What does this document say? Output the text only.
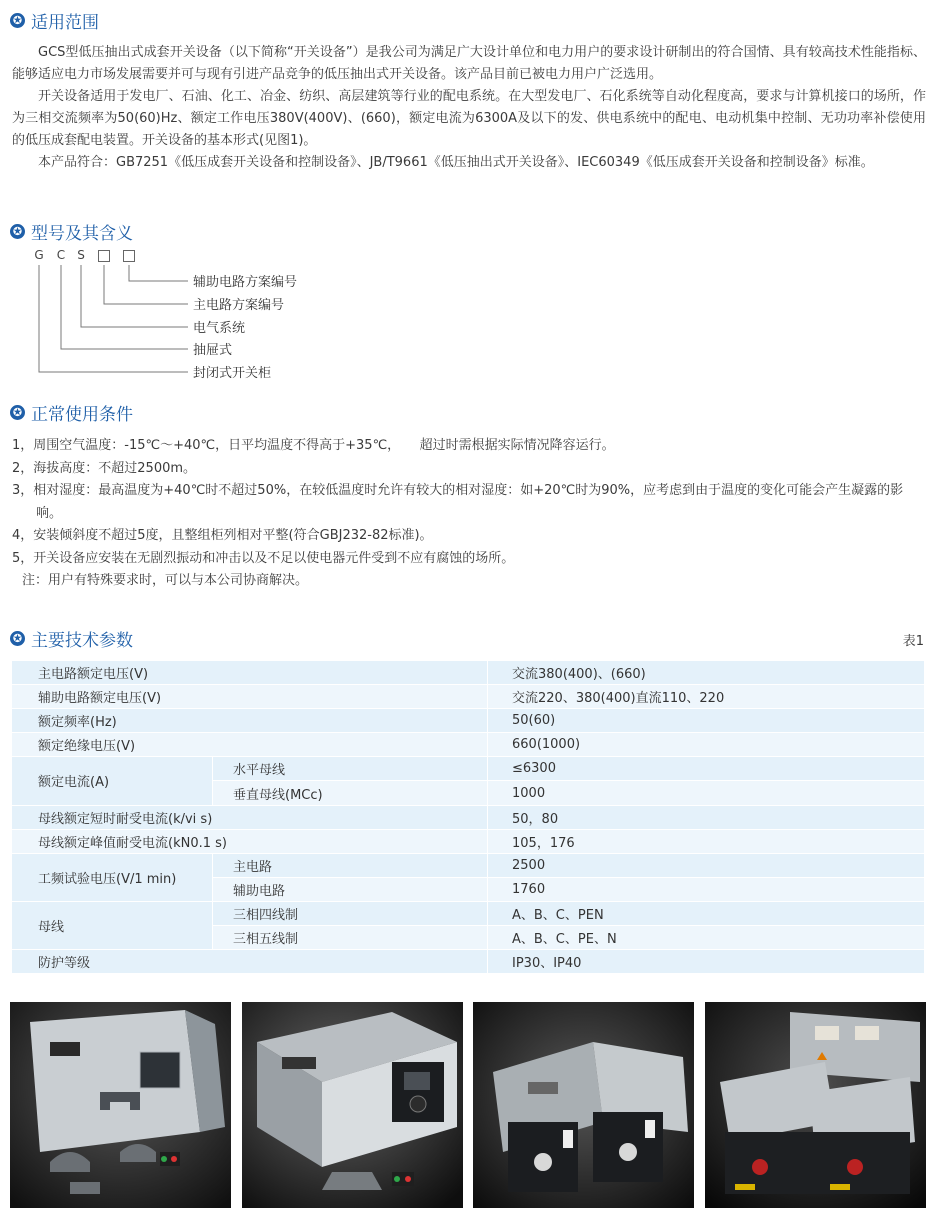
✪ 适用范围

GCS型低压抽出式成套开关设备（以下简称“开关设备”）是我公司为满足广大设计单位和电力用户的要求设计研制出的符合国情、具有较高技术性能指标、能够适应电力市场发展需要并可与现有引进产品竞争的低压抽出式开关设备。该产品目前已被电力用户广泛选用。

开关设备适用于发电厂、石油、化工、冶金、纺织、高层建筑等行业的配电系统。在大型发电厂、石化系统等自动化程度高，要求与计算机接口的场所，作为三相交流频率为50(60)Hz、额定工作电压380V(400V)、(660)，额定电流为6300A及以下的发、供电系统中的配电、电动机集中控制、无功功率补偿使用的低压成套配电装置。开关设备的基本形式(见图1)。

本产品符合：GB7251《低压成套开关设备和控制设备》、JB/T9661《低压抽出式开关设备》、IEC60349《低压成套开关设备和控制设备》标准。

✪ 型号及其含义
G C S
辅助电路方案编号
主电路方案编号
电气系统
抽屉式
封闭式开关柜
✪ 正常使用条件
1，周围空气温度：-15℃～+40℃，日平均温度不得高于+35℃，　　超过时需根据实际情况降容运行。
2，海拔高度：不超过2500m。
3，相对湿度：最高温度为+40℃时不超过50%，在较低温度时允许有较大的相对湿度：如+20℃时为90%，应考虑到由于温度的变化可能会产生凝露的影响。
4，安装倾斜度不超过5度，且整组柜列相对平整(符合GBJ232-82标准)。
5，开关设备应安装在无剧烈振动和冲击以及不足以使电器元件受到不应有腐蚀的场所。
注：用户有特殊要求时，可以与本公司协商解决。
✪ 主要技术参数	表1
主电路额定电压(V)		交流380(400)、(660)
辅助电路额定电压(V)		交流220、380(400)直流110、220
额定频率(Hz)		50(60)
额定绝缘电压(V)		660(1000)
额定电流(A)	水平母线	≤6300
	垂直母线(MCc)	1000
母线额定短时耐受电流(k/vi s)		50，80
母线额定峰值耐受电流(kN0.1 s)		105，176
工频试验电压(V/1 min)	主电路	2500
	辅助电路	1760
母线	三相四线制	A、B、C、PEN
	三相五线制	A、B、C、PE、N
防护等级		IP30、IP40
